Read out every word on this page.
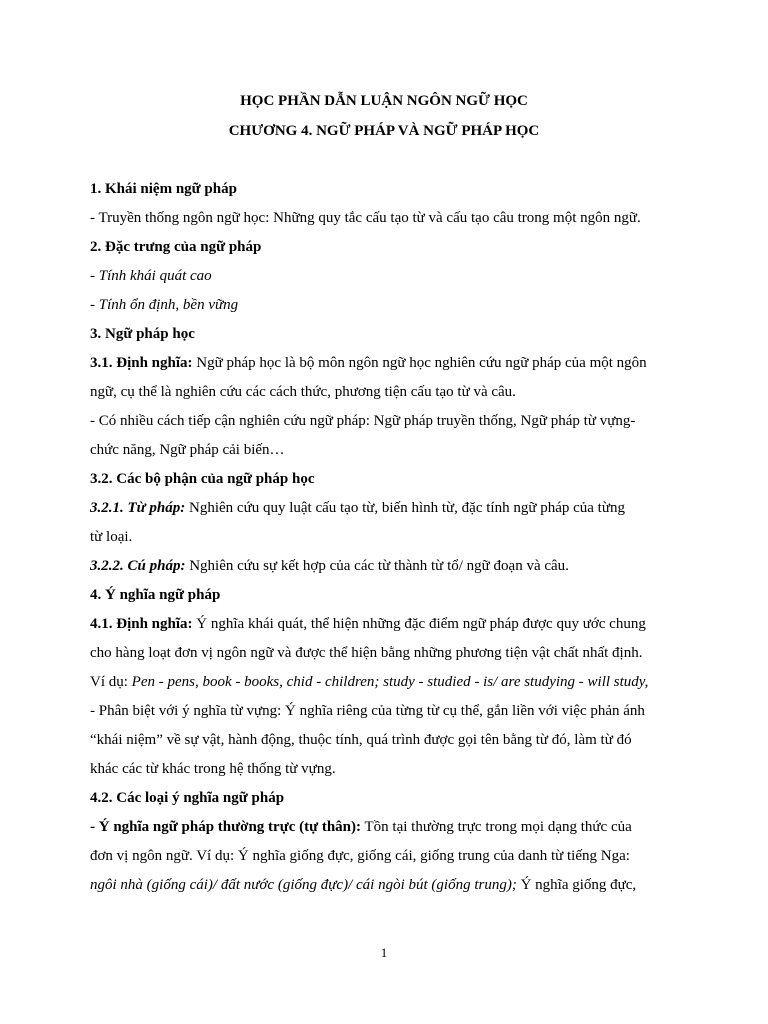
HỌC PHẦN DẪN LUẬN NGÔN NGỮ HỌC
CHƯƠNG 4. NGỮ PHÁP VÀ NGỮ PHÁP HỌC
1. Khái niệm ngữ pháp
- Truyền thống ngôn ngữ học: Những quy tắc cấu tạo từ và cấu tạo câu trong một ngôn ngữ.
2. Đặc trưng của ngữ pháp
- Tính khái quát cao
- Tính ổn định, bền vững
3. Ngữ pháp học
3.1. Định nghĩa: Ngữ pháp học là bộ môn ngôn ngữ học nghiên cứu ngữ pháp của một ngôn
ngữ, cụ thể là nghiên cứu các cách thức, phương tiện cấu tạo từ và câu.
- Có nhiều cách tiếp cận nghiên cứu ngữ pháp: Ngữ pháp truyền thống, Ngữ pháp từ vựng-
chức năng, Ngữ pháp cải biến…
3.2. Các bộ phận của ngữ pháp học
3.2.1. Từ pháp: Nghiên cứu quy luật cấu tạo từ, biến hình từ, đặc tính ngữ pháp của từng
từ loại.
3.2.2. Cú pháp: Nghiên cứu sự kết hợp của các từ thành từ tổ/ ngữ đoạn và câu.
4. Ý nghĩa ngữ pháp
4.1. Định nghĩa: Ý nghĩa khái quát, thể hiện những đặc điểm ngữ pháp được quy ước chung
cho hàng loạt đơn vị ngôn ngữ và được thể hiện bằng những phương tiện vật chất nhất định.
Ví dụ: Pen - pens, book - books, chid - children; study - studied - is/ are studying - will study,
- Phân biệt với ý nghĩa từ vựng: Ý nghĩa riêng của từng từ cụ thể, gắn liền với việc phản ánh
“khái niệm” về sự vật, hành động, thuộc tính, quá trình được gọi tên bằng từ đó, làm từ đó
khác các từ khác trong hệ thống từ vựng.
4.2. Các loại ý nghĩa ngữ pháp
- Ý nghĩa ngữ pháp thường trực (tự thân): Tồn tại thường trực trong mọi dạng thức của
đơn vị ngôn ngữ. Ví dụ: Ý nghĩa giống đực, giống cái, giống trung của danh từ tiếng Nga:
ngôi nhà (giống cái)/ đất nước (giống đực)/ cái ngòi bút (giống trung); Ý nghĩa giống đực,
1
